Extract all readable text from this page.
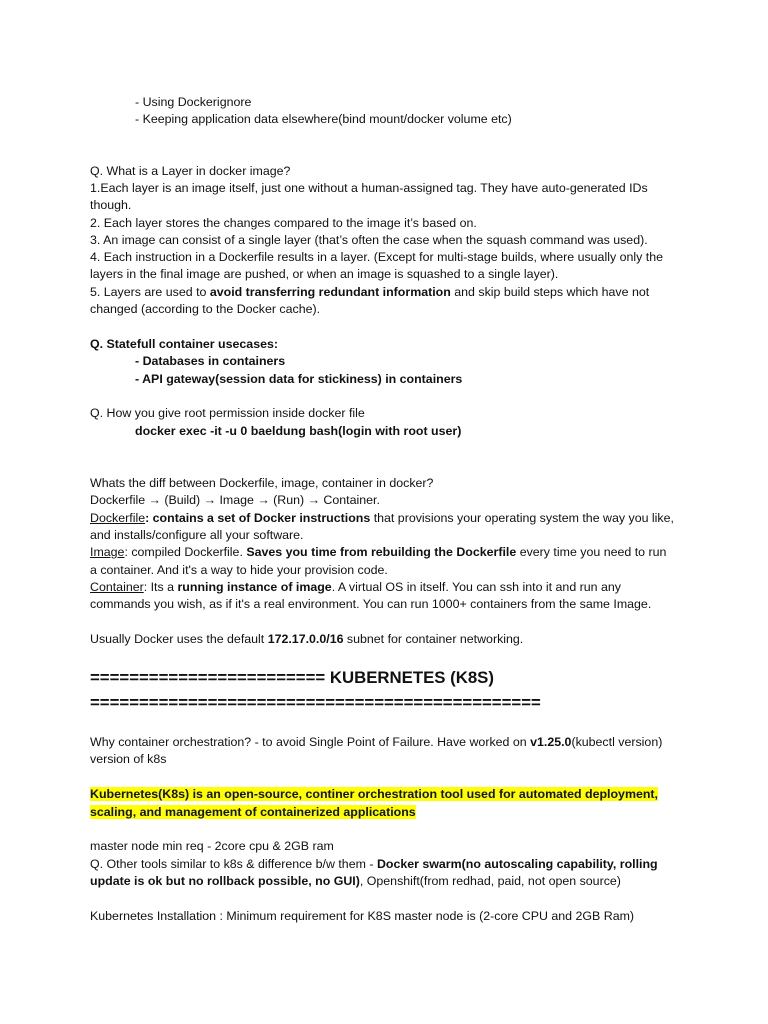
- Using Dockerignore
- Keeping application data elsewhere(bind mount/docker volume etc)
Q. What is a Layer in docker image?
1.Each layer is an image itself, just one without a human-assigned tag. They have auto-generated IDs
though.
2. Each layer stores the changes compared to the image it’s based on.
3. An image can consist of a single layer (that’s often the case when the squash command was used).
4. Each instruction in a Dockerfile results in a layer. (Except for multi-stage builds, where usually only the
layers in the final image are pushed, or when an image is squashed to a single layer).
5. Layers are used to avoid transferring redundant information and skip build steps which have not
changed (according to the Docker cache).
Q. Statefull container usecases:
- Databases in containers
- API gateway(session data for stickiness) in containers
Q. How you give root permission inside docker file
docker exec -it -u 0 baeldung bash(login with root user)
Whats the diff between Dockerfile, image, container in docker?
Dockerfile → (Build) → Image → (Run) → Container.
Dockerfile: contains a set of Docker instructions that provisions your operating system the way you like,
and installs/configure all your software.
Image: compiled Dockerfile. Saves you time from rebuilding the Dockerfile every time you need to run
a container. And it's a way to hide your provision code.
Container: Its a running instance of image. A virtual OS in itself. You can ssh into it and run any
commands you wish, as if it's a real environment. You can run 1000+ containers from the same Image.
Usually Docker uses the default 172.17.0.0/16 subnet for container networking.
======================== KUBERNETES (K8S)
==============================================
Why container orchestration? - to avoid Single Point of Failure. Have worked on v1.25.0(kubectl version)
version of k8s
Kubernetes(K8s) is an open-source, continer orchestration tool used for automated deployment,
scaling, and management of containerized applications
master node min req - 2core cpu & 2GB ram
Q. Other tools similar to k8s & difference b/w them - Docker swarm(no autoscaling capability, rolling
update is ok but no rollback possible, no GUI), Openshift(from redhad, paid, not open source)
Kubernetes Installation : Minimum requirement for K8S master node is (2-core CPU and 2GB Ram)
